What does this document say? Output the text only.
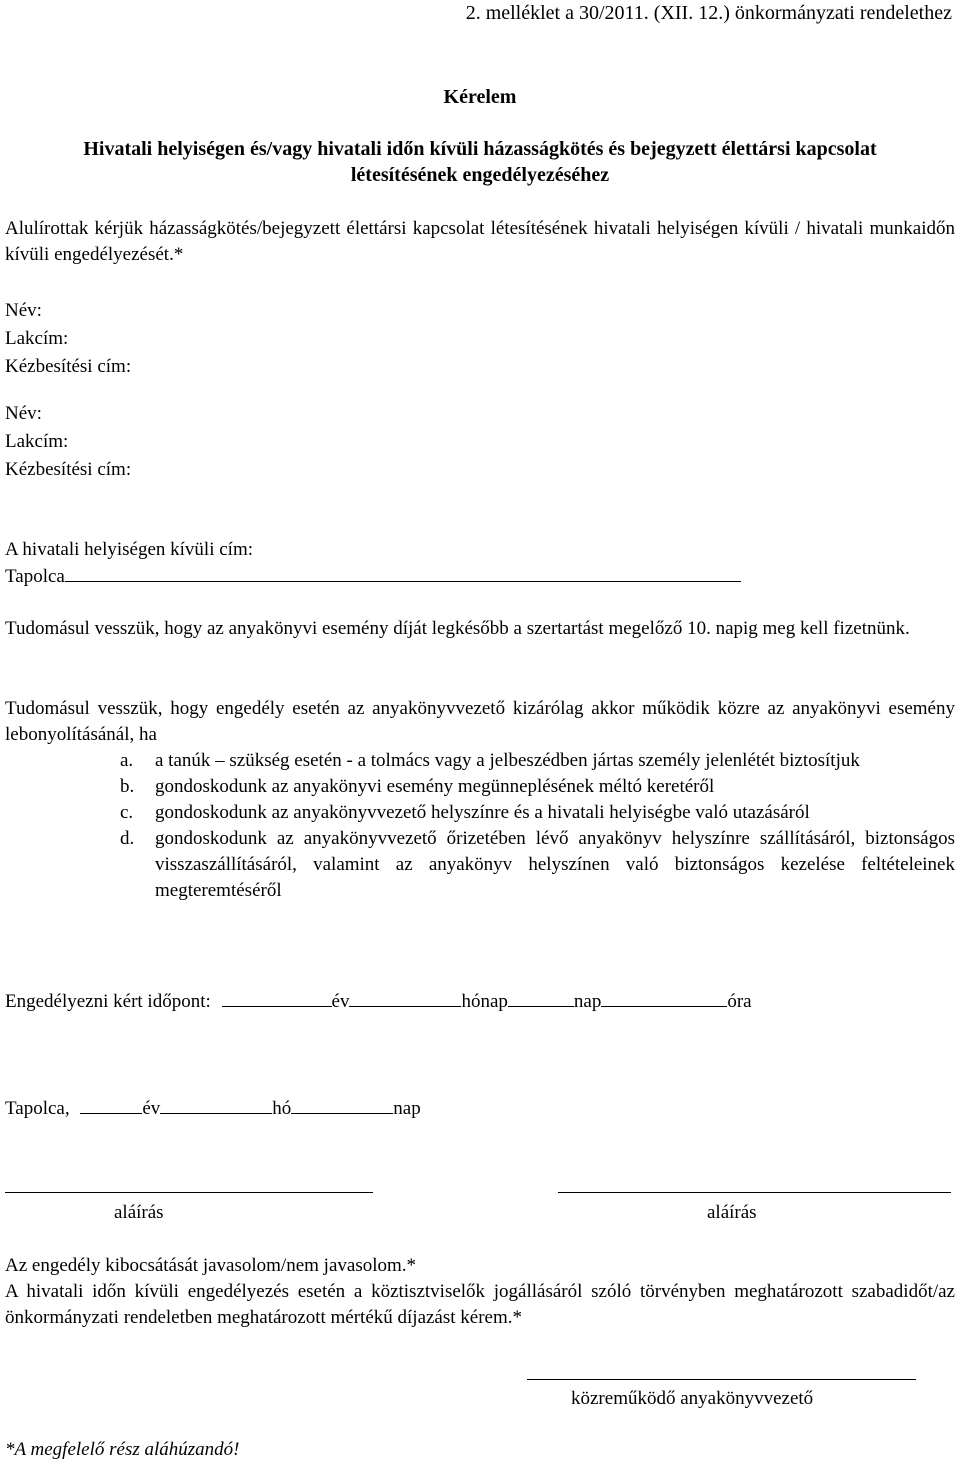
2. melléklet a 30/2011. (XII. 12.) önkormányzati rendelethez
Kérelem
Hivatali helyiségen és/vagy hivatali időn kívüli házasságkötés és bejegyzett élettársi kapcsolat
létesítésének engedélyezéséhez
Alulírottak kérjük házasságkötés/bejegyzett élettársi kapcsolat létesítésének hivatali helyiségen kívüli / hivatali munkaidőn kívüli engedélyezését.*
Név:
Lakcím:
Kézbesítési cím:
Név:
Lakcím:
Kézbesítési cím:
A hivatali helyiségen kívüli cím:
Tapolca
Tudomásul vesszük, hogy az anyakönyvi esemény díját legkésőbb a szertartást megelőző 10. napig meg kell fizetnünk.
Tudomásul vesszük, hogy engedély esetén az anyakönyvvezető kizárólag akkor működik közre az anyakönyvi esemény lebonyolításánál, ha
a. a tanúk – szükség esetén - a tolmács vagy a jelbeszédben jártas személy jelenlétét biztosítjuk
b. gondoskodunk az anyakönyvi esemény megünneplésének méltó keretéről
c. gondoskodunk az anyakönyvvezető helyszínre és a hivatali helyiségbe való utazásáról
d. gondoskodunk az anyakönyvvezető őrizetében lévő anyakönyv helyszínre szállításáról, biztonságos visszaszállításáról, valamint az anyakönyv helyszínen való biztonságos kezelése feltételeinek megteremtéséről
Engedélyezni kért időpont:	év	hónap	nap	óra
Tapolca,	év	hó	nap
aláírás	aláírás
Az engedély kibocsátását javasolom/nem javasolom.*
A hivatali időn kívüli engedélyezés esetén a köztisztviselők jogállásáról szóló törvényben meghatározott szabadidőt/az önkormányzati rendeletben meghatározott mértékű díjazást kérem.*
közreműködő anyakönyvvezető
*A megfelelő rész aláhúzandó!
